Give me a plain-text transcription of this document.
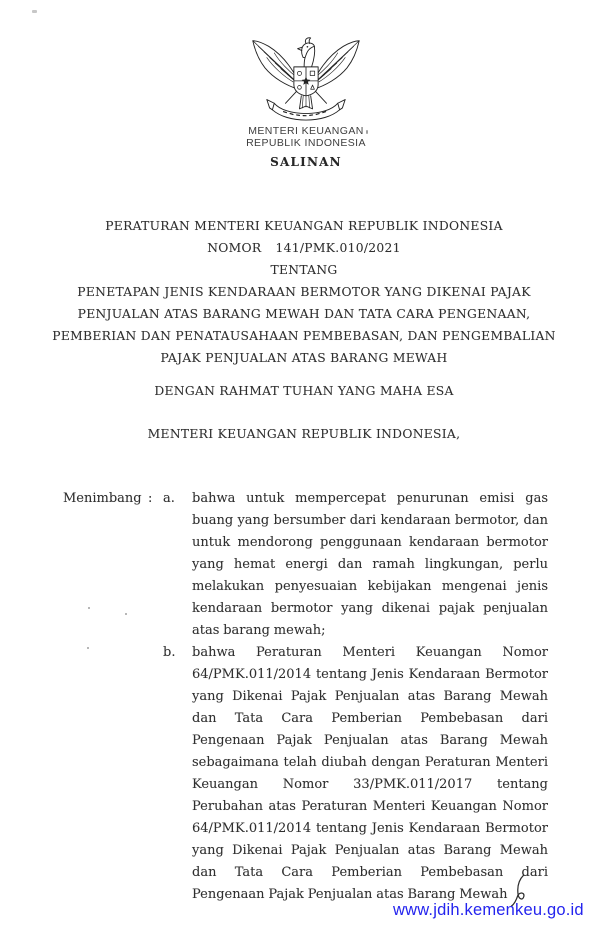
MENTERI KEUANGAN
REPUBLIK INDONESIA
SALINAN
PERATURAN MENTERI KEUANGAN REPUBLIK INDONESIA
NOMOR 141/PMK.010/2021
TENTANG
PENETAPAN JENIS KENDARAAN BERMOTOR YANG DIKENAI PAJAK
PENJUALAN ATAS BARANG MEWAH DAN TATA CARA PENGENAAN,
PEMBERIAN DAN PENATAUSAHAAN PEMBEBASAN, DAN PENGEMBALIAN
PAJAK PENJUALAN ATAS BARANG MEWAH
DENGAN RAHMAT TUHAN YANG MAHA ESA
MENTERI KEUANGAN REPUBLIK INDONESIA,
Menimbang : a.	bahwa untuk mempercepat penurunan emisi gas buang yang bersumber dari kendaraan bermotor, dan untuk mendorong penggunaan kendaraan bermotor yang hemat energi dan ramah lingkungan, perlu melakukan penyesuaian kebijakan mengenai jenis kendaraan bermotor yang dikenai pajak penjualan atas barang mewah;
b.	bahwa Peraturan Menteri Keuangan Nomor 64/PMK.011/2014 tentang Jenis Kendaraan Bermotor yang Dikenai Pajak Penjualan atas Barang Mewah dan Tata Cara Pemberian Pembebasan dari Pengenaan Pajak Penjualan atas Barang Mewah sebagaimana telah diubah dengan Peraturan Menteri Keuangan Nomor 33/PMK.011/2017 tentang Perubahan atas Peraturan Menteri Keuangan Nomor 64/PMK.011/2014 tentang Jenis Kendaraan Bermotor yang Dikenai Pajak Penjualan atas Barang Mewah dan Tata Cara Pemberian Pembebasan dari Pengenaan Pajak Penjualan atas Barang Mewah
www.jdih.kemenkeu.go.id
